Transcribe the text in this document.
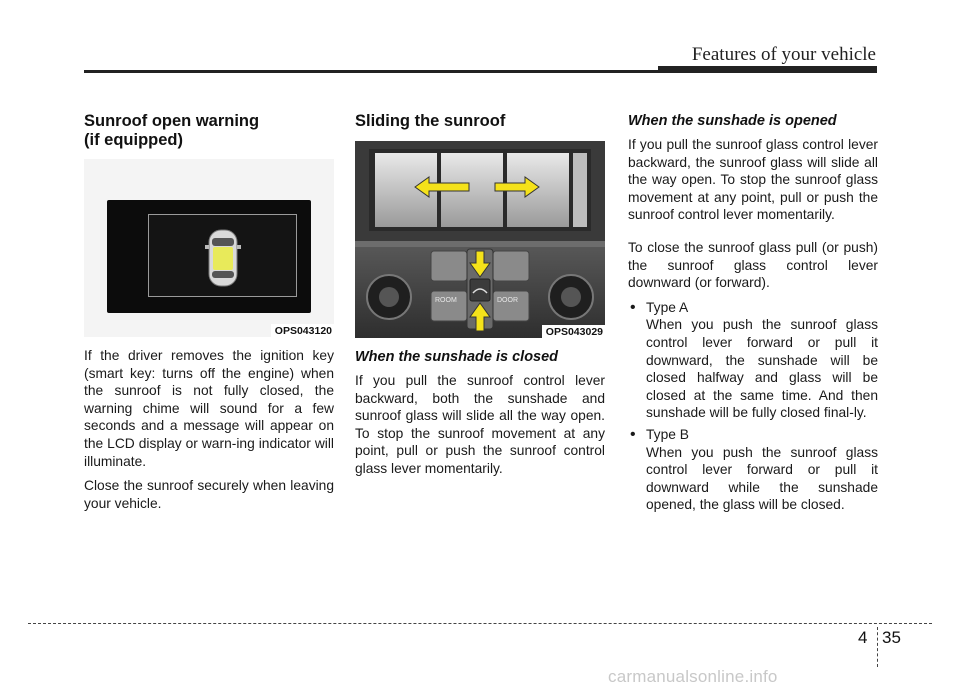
Features of your vehicle
Sunroof open warning
(if equipped)
OPS043120

If the driver removes the ignition key (smart key: turns off the engine) when the sunroof is not fully closed, the warning chime will sound for a few seconds and a message will appear on the LCD display or warn-ing indicator will illuminate.

Close the sunroof securely when leaving your vehicle.

Sliding the sunroof
ROOM	DOOR
OPS043029
When the sunshade is closed

If you pull the sunroof control lever backward, both the sunshade and sunroof glass will slide all the way open. To stop the sunroof movement at any point, pull or push the sunroof control glass lever momentarily.

When the sunshade is opened

If you pull the sunroof glass control lever backward, the sunroof glass will slide all the way open. To stop the sunroof glass movement at any point, pull or push the sunroof control lever momentarily.

To close the sunroof glass pull (or push) the sunroof glass control lever downward (or forward).

• Type A

When you push the sunroof glass control lever forward or pull it downward, the sunshade will be closed halfway and glass will be closed at the same time. And then sunshade will be fully closed final-ly.

• Type B

When you push the sunroof glass control lever forward or pull it downward while the sunshade opened, the glass will be closed.

4 35
carmanualsonline.info
